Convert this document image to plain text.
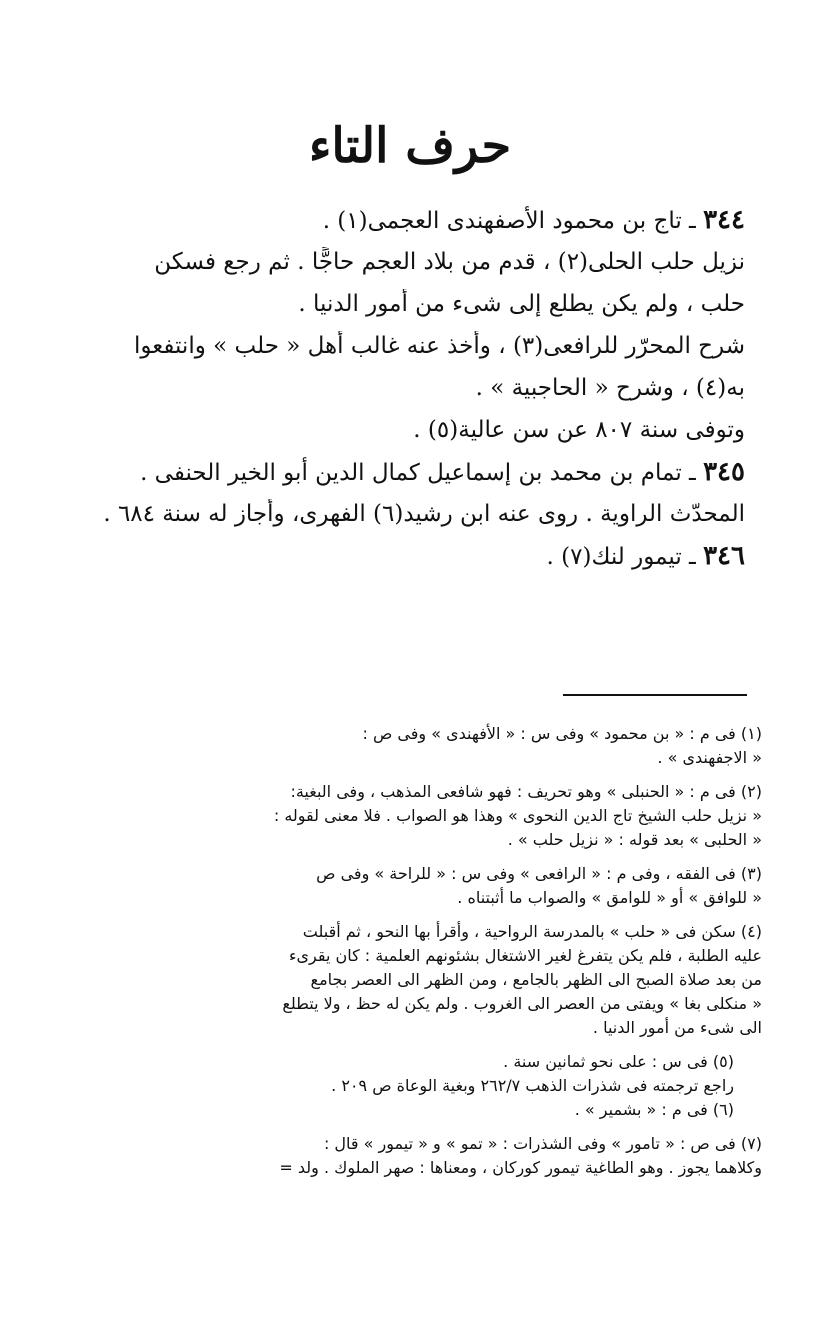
حرف التاء

٣٤٤ ـ تاج بن محمود الأصفهندى العجمى(١) .

نزيل حلب الحلى(٢) ، قدم من بلاد العجم حاجًّا . ثم رجع فسكن

حلب ، ولم يكن يطلع إلى شىء من أمور الدنيا .

شرح المحرّر للرافعى(٣) ، وأخذ عنه غالب أهل « حلب » وانتفعوا

به(٤) ، وشرح « الحاجبية » .

وتوفى سنة ٨٠٧ عن سن عالية(٥) .

٣٤٥ ـ تمام بن محمد بن إسماعيل كمال الدين أبو الخير الحنفى .

المحدّث الراوية . روى عنه ابن رشيد(٦) الفهرى، وأجاز له سنة ٦٨٤ .

٣٤٦ ـ تيمور لنك(٧) .

(١) فى م : « بن محمود » وفى س : « الأفهندى » وفى ص :

« الاجفهندى » .

(٢) فى م : « الحنبلى » وهو تحريف : فهو شافعى المذهب ، وفى البغية:

« نزيل حلب الشيخ تاج الدين النحوى » وهذا هو الصواب . فلا معنى لقوله :

« الحلبى » بعد قوله : « نزيل حلب » .

(٣) فى الفقه ، وفى م : « الرافعى » وفى س : « للراحة » وفى ص

« للوافق » أو « للوامق » والصواب ما أثبتناه .

(٤) سكن فى « حلب » بالمدرسة الرواحية ، وأقرأ بها النحو ، ثم أقبلت

عليه الطلبة ، فلم يكن يتفرغ لغير الاشتغال بشئونهم العلمية : كان يقرىء

من بعد صلاة الصبح الى الظهر بالجامع ، ومن الظهر الى العصر بجامع

« منكلى بغا » ويفتى من العصر الى الغروب . ولم يكن له حظ ، ولا يتطلع

الى شىء من أمور الدنيا .

(٥) فى س : على نحو ثمانين سنة .

راجع ترجمته فى شذرات الذهب ٢٦٢/٧ وبغية الوعاة ص ٢٠٩ .

(٦) فى م : « بشمير » .

(٧) فى ص : « تامور » وفى الشذرات : « تمو » و « تيمور » قال :

وكلاهما يجوز . وهو الطاغية تيمور كوركان ، ومعناها : صهر الملوك . ولد =
